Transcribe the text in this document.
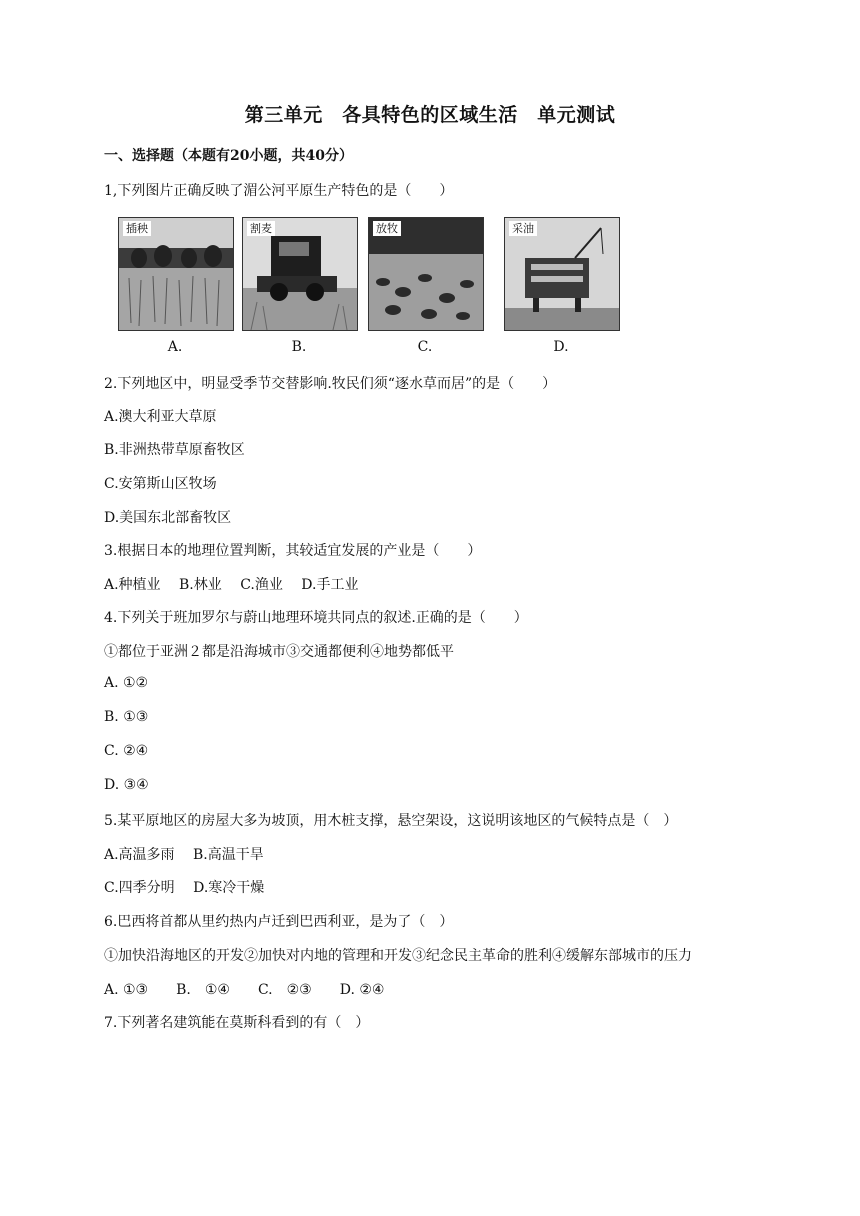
第三单元　各具特色的区域生活　单元测试
一、选择题（本题有20小题，共40分）
1,下列图片正确反映了湄公河平原生产特色的是（　　）
插秧
A.
割麦
B.
放牧
C.
采油
D.
2.下列地区中，明显受季节交替影响.牧民们须“逐水草而居”的是（　　）
A.澳大利亚大草原
B.非洲热带草原畜牧区
C.安第斯山区牧场
D.美国东北部畜牧区
3.根据日本的地理位置判断，其较适宜发展的产业是（　　）
A.种植业　 B.林业　 C.渔业　 D.手工业
4.下列关于班加罗尔与蔚山地理环境共同点的叙述.正确的是（　　）
①都位于亚洲２都是沿海城市③交通都便利④地势都低平
A. ①②
B. ①③
C. ②④
D. ③④
5.某平原地区的房屋大多为坡顶，用木桩支撑，悬空架设，这说明该地区的气候特点是（　）
A.高温多雨　 B.高温干旱
C.四季分明　 D.寒冷干燥
6.巴西将首都从里约热内卢迁到巴西利亚，是为了（　）
①加快沿海地区的开发②加快对内地的管理和开发③纪念民主革命的胜利④缓解东部城市的压力
A. ①③　　B.　①④　　C.　②③　　D. ②④
7.下列著名建筑能在莫斯科看到的有（　）
